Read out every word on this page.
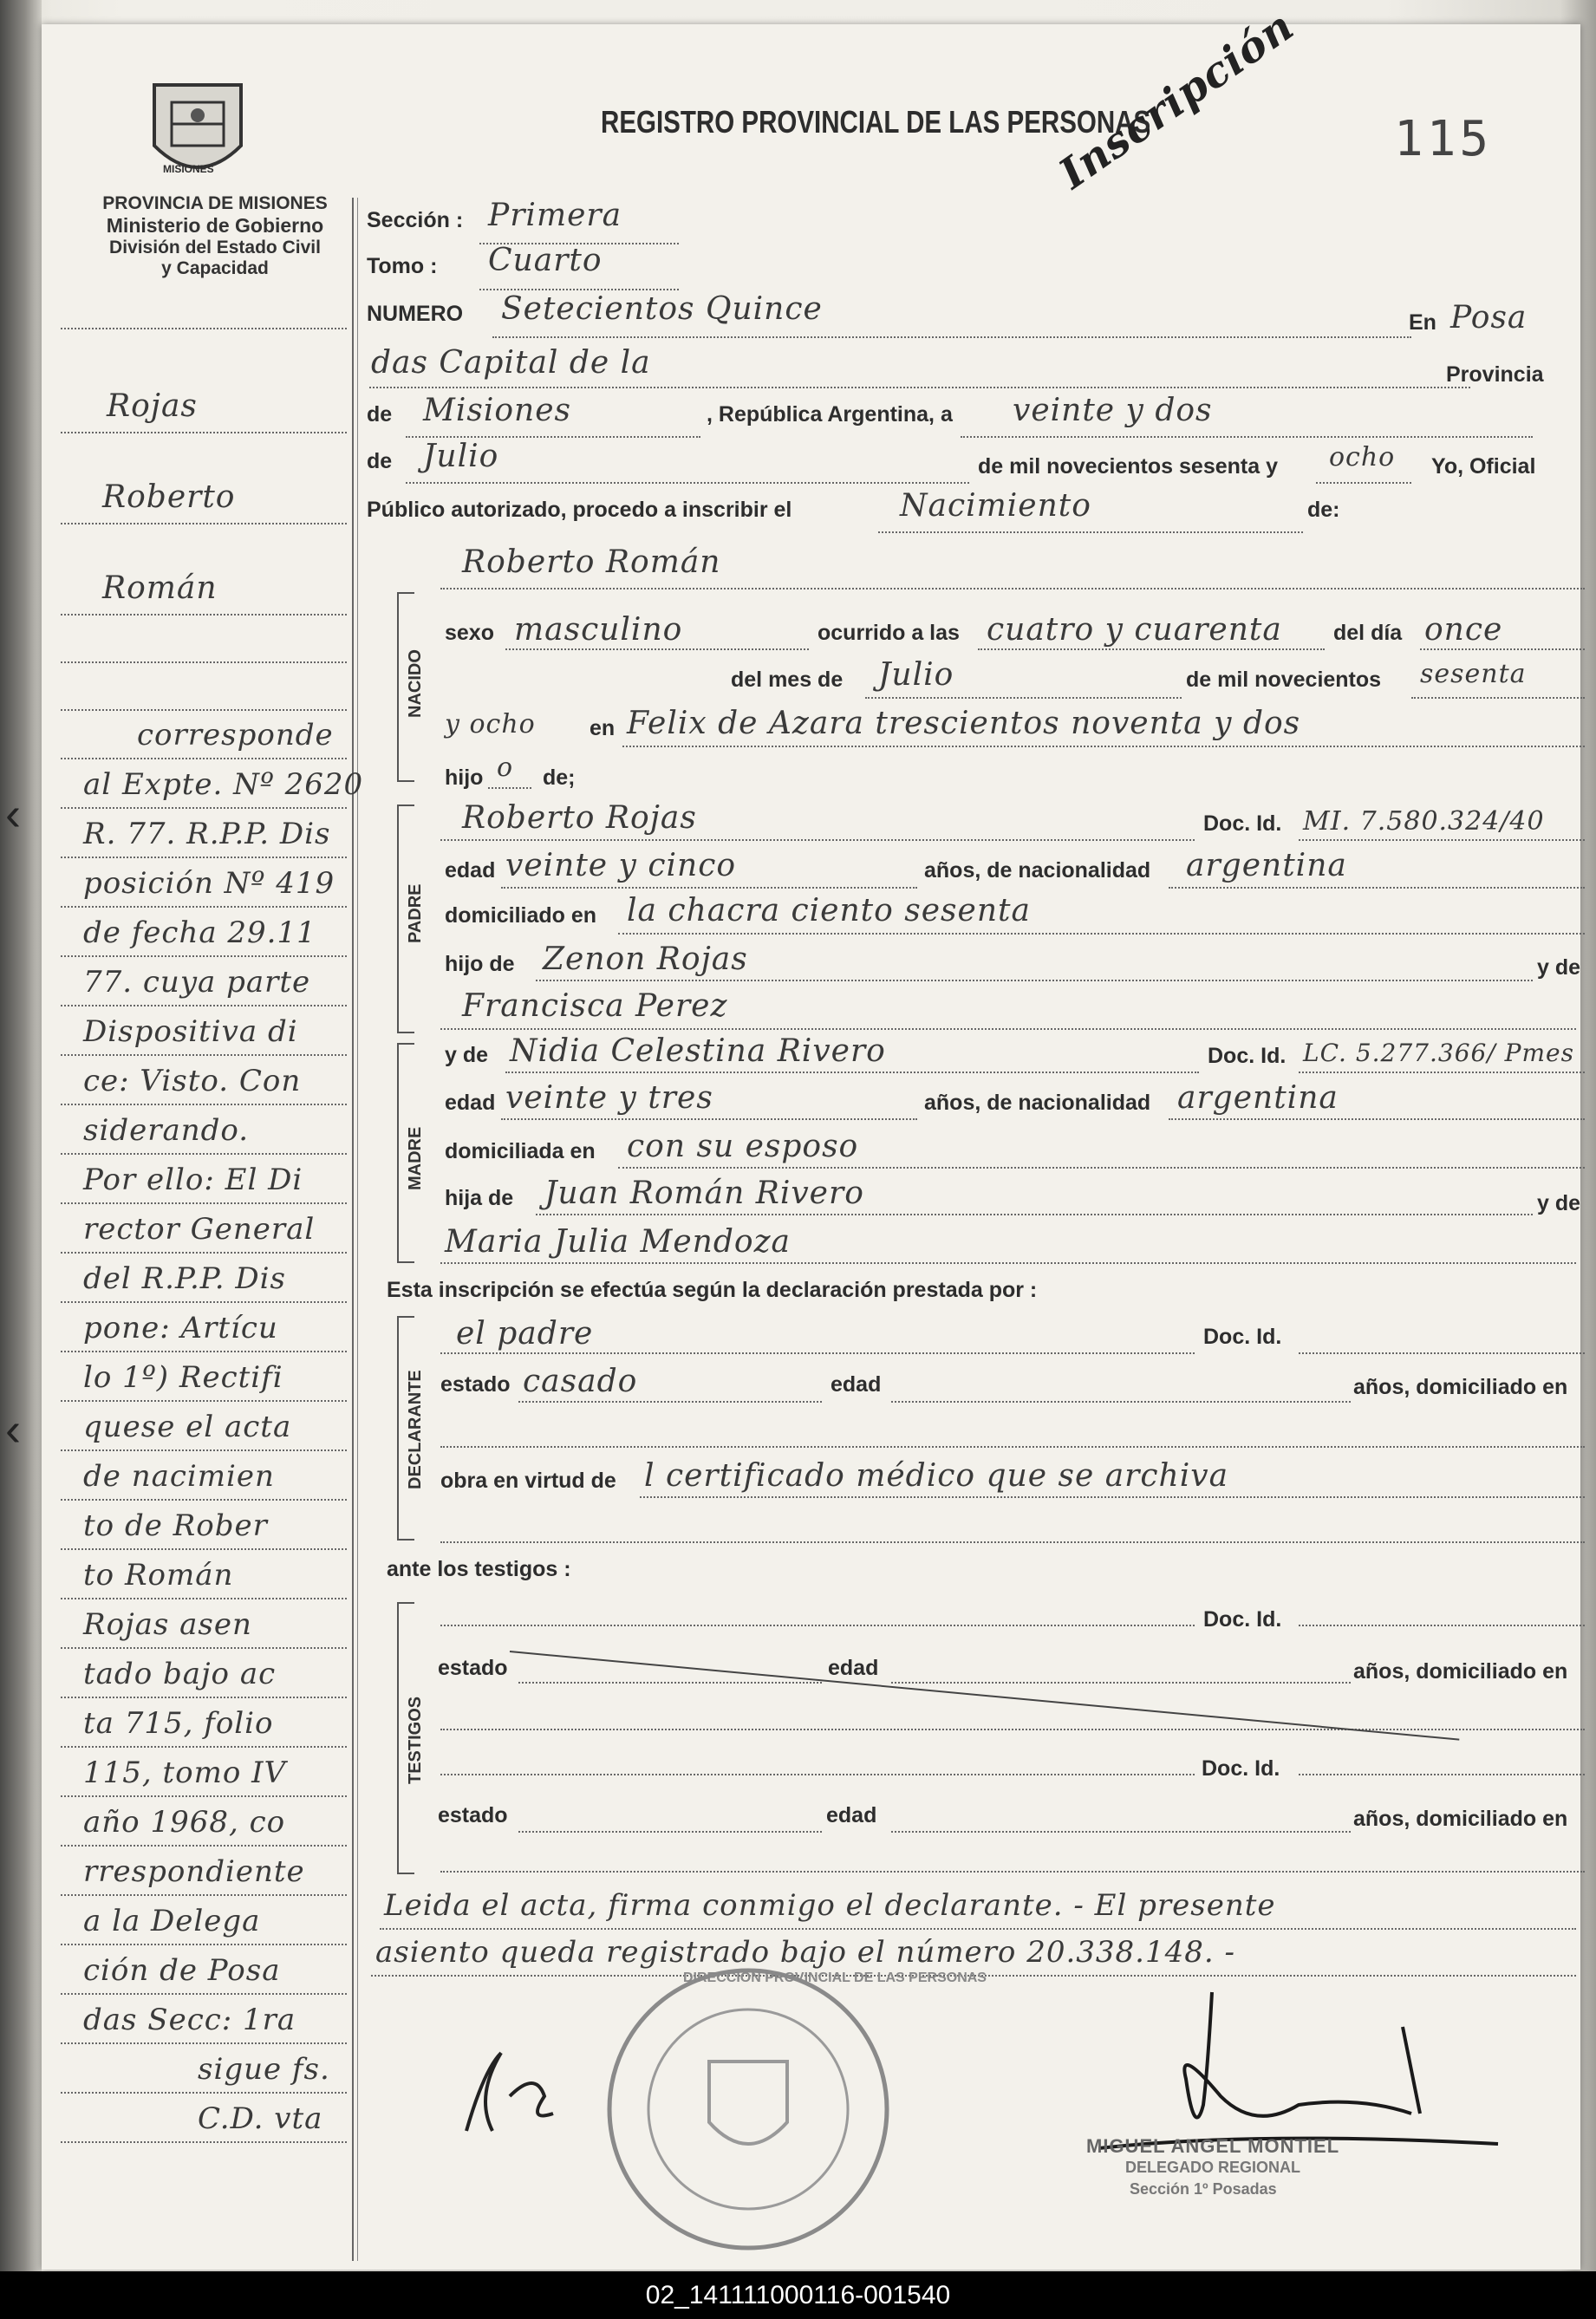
MISIONES
PROVINCIA DE MISIONES
Ministerio de Gobierno
División del Estado Civil
y Capacidad
REGISTRO PROVINCIAL DE LAS PERSONAS	115
Inscripción
Rojas
Roberto
Román
corresponde
al Expte. Nº 2620
R. 77. R.P.P. Dis
posición Nº 419
de fecha 29.11
77. cuya parte
Dispositiva di
ce: Visto. Con
siderando.
Por ello: El Di
rector General
del R.P.P. Dis
pone: Artícu
lo 1º) Rectifi
quese el acta
de nacimien
to de Rober
to Román
Rojas asen
tado bajo ac
ta 715, folio
115, tomo IV
año 1968, co
rrespondiente
a la Delega
ción de Posa
das Secc: 1ra
sigue fs.
C.D. vta
NACIDO
PADRE
MADRE
DECLARANTE
TESTIGOS
Sección : Primera
Tomo : Cuarto
NUMERO Setecientos Quince	En Posa
das Capital de la	Provincia
de Misiones	, República Argentina, a veinte y dos
de Julio	de mil novecientos sesenta y ocho Yo, Oficial
Público autorizado, procedo a inscribir el	Nacimiento	de:
Roberto Román
sexo masculino	ocurrido a las cuatro y cuarenta del día once
del mes de Julio	de mil novecientos sesenta
y ocho en Felix de Azara trescientos noventa y dos
hijo o de;
Roberto Rojas	Doc. Id. MI. 7.580.324/40
edad veinte y cinco	años, de nacionalidad argentina
domiciliado en la chacra ciento sesenta
hijo de Zenon Rojas	y de
Francisca Perez
y de Nidia Celestina Rivero	Doc. Id. LC. 5.277.366/ Pmes
edad veinte y tres	años, de nacionalidad argentina
domiciliada en con su esposo
hija de Juan Román Rivero	y de
Maria Julia Mendoza
Esta inscripción se efectúa según la declaración prestada por :
el padre	Doc. Id.
estado casado	edad	años, domiciliado en
obra en virtud de l certificado médico que se archiva
ante los testigos :
Doc. Id.
estado	edad	años, domiciliado en
Doc. Id.
estado	edad	años, domiciliado en
Leida el acta, firma conmigo el declarante. - El presente
asiento queda registrado bajo el número 20.338.148. -
DIRECCION PROVINCIAL DE LAS PERSONAS
MIGUEL ANGEL MONTIEL
DELEGADO REGIONAL
Sección 1º Posadas
‹
‹
02_141111000116-001540
